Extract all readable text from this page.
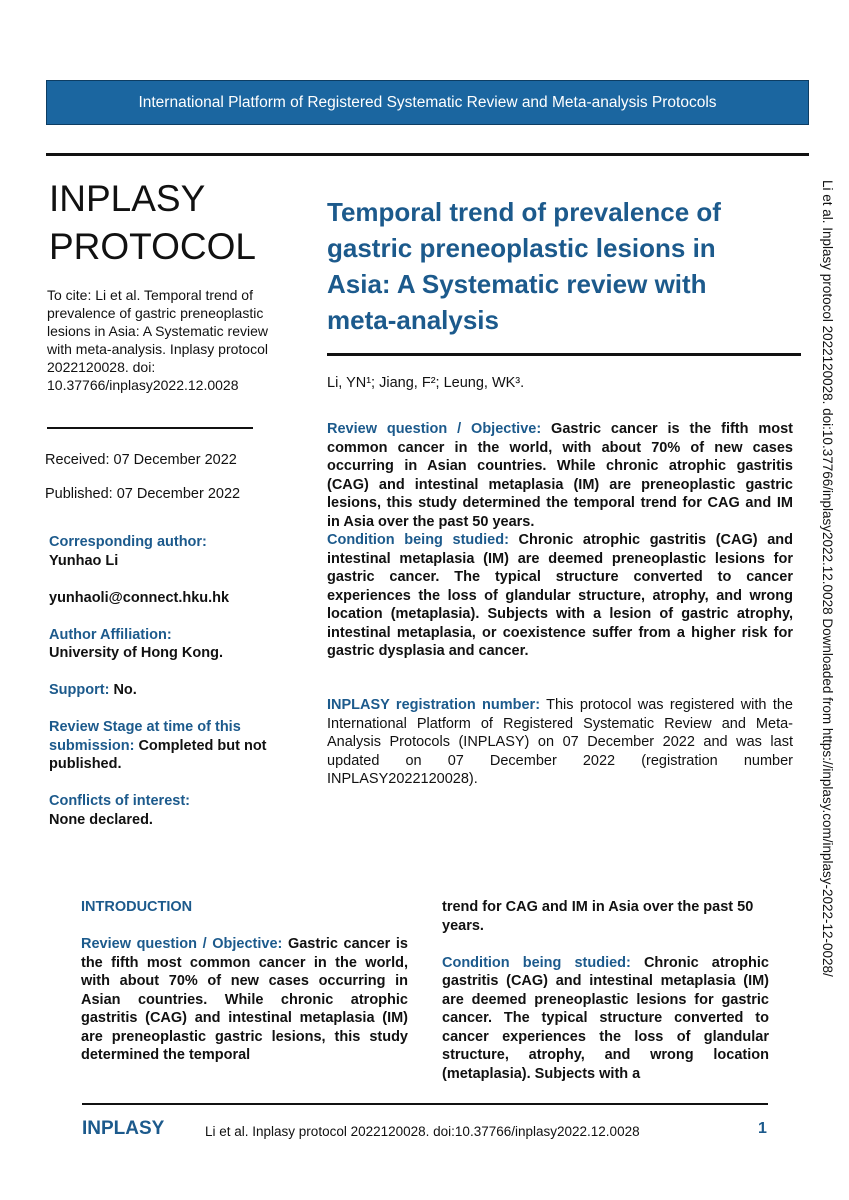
International Platform of Registered Systematic Review and Meta-analysis Protocols
INPLASY
PROTOCOL
To cite: Li et al. Temporal trend of prevalence of gastric preneoplastic lesions in Asia: A Systematic review with meta-analysis. Inplasy protocol 2022120028. doi: 10.37766/inplasy2022.12.0028
Received: 07 December 2022
Published: 07 December 2022
Corresponding author:
Yunhao Li
yunhaoli@connect.hku.hk
Author Affiliation:
University of Hong Kong.
Support: No.
Review Stage at time of this submission: Completed but not published.
Conflicts of interest:
None declared.
Temporal trend of prevalence of gastric preneoplastic lesions in Asia: A Systematic review with meta-analysis
Li, YN¹; Jiang, F²; Leung, WK³.

Review question / Objective: Gastric cancer is the fifth most common cancer in the world, with about 70% of new cases occurring in Asian countries. While chronic atrophic gastritis (CAG) and intestinal metaplasia (IM) are preneoplastic gastric lesions, this study determined the temporal trend for CAG and IM in Asia over the past 50 years.

Condition being studied: Chronic atrophic gastritis (CAG) and intestinal metaplasia (IM) are deemed preneoplastic lesions for gastric cancer. The typical structure converted to cancer experiences the loss of glandular structure, atrophy, and wrong location (metaplasia). Subjects with a lesion of gastric atrophy, intestinal metaplasia, or coexistence suffer from a higher risk for gastric dysplasia and cancer.

INPLASY registration number: This protocol was registered with the International Platform of Registered Systematic Review and Meta-Analysis Protocols (INPLASY) on 07 December 2022 and was last updated on 07 December 2022 (registration number INPLASY2022120028).

INTRODUCTION

Review question / Objective: Gastric cancer is the fifth most common cancer in the world, with about 70% of new cases occurring in Asian countries. While chronic atrophic gastritis (CAG) and intestinal metaplasia (IM) are preneoplastic gastric lesions, this study determined the temporal

trend for CAG and IM in Asia over the past 50 years.

Condition being studied: Chronic atrophic gastritis (CAG) and intestinal metaplasia (IM) are deemed preneoplastic lesions for gastric cancer. The typical structure converted to cancer experiences the loss of glandular structure, atrophy, and wrong location (metaplasia). Subjects with a

Li et al. Inplasy protocol 2022120028. doi:10.37766/inplasy2022.12.0028 Downloaded from https://inplasy.com/inplasy-2022-12-0028/
INPLASY	Li et al. Inplasy protocol 2022120028. doi:10.37766/inplasy2022.12.0028	1
